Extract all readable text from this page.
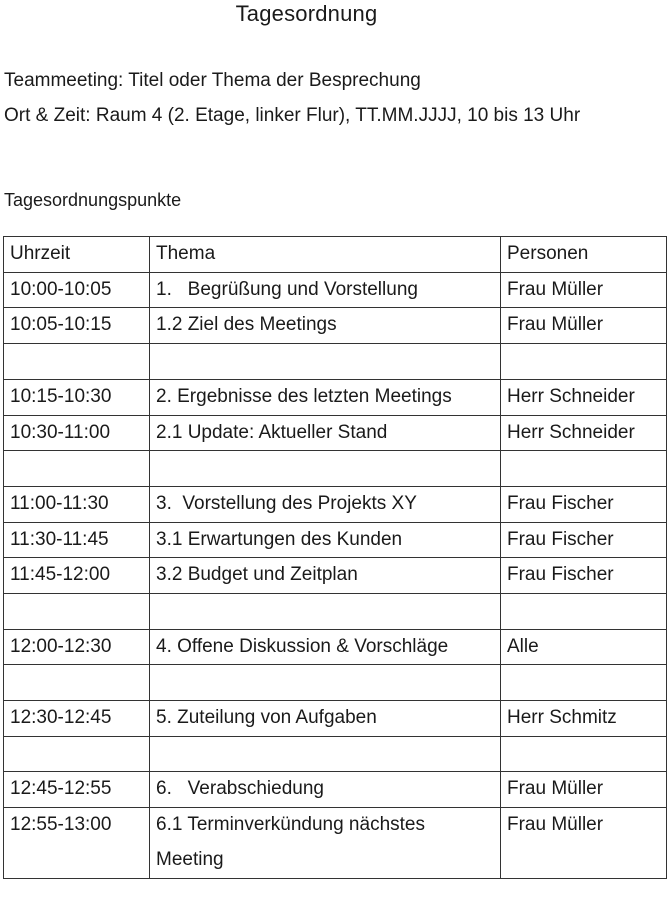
Tagesordnung
Teammeeting: Titel oder Thema der Besprechung
Ort & Zeit: Raum 4 (2. Etage, linker Flur), TT.MM.JJJJ, 10 bis 13 Uhr
Tagesordnungspunkte
Uhrzeit	Thema	Personen
10:00-10:05	1.   Begrüßung und Vorstellung	Frau Müller
10:05-10:15	1.2 Ziel des Meetings	Frau Müller

10:15-10:30	2. Ergebnisse des letzten Meetings	Herr Schneider
10:30-11:00	2.1 Update: Aktueller Stand	Herr Schneider

11:00-11:30	3.  Vorstellung des Projekts XY	Frau Fischer
11:30-11:45	3.1 Erwartungen des Kunden	Frau Fischer
11:45-12:00	3.2 Budget und Zeitplan	Frau Fischer

12:00-12:30	4. Offene Diskussion & Vorschläge	Alle

12:30-12:45	5. Zuteilung von Aufgaben	Herr Schmitz

12:45-12:55	6.   Verabschiedung	Frau Müller
12:55-13:00	6.1 Terminverkündung nächstes Meeting	Frau Müller
